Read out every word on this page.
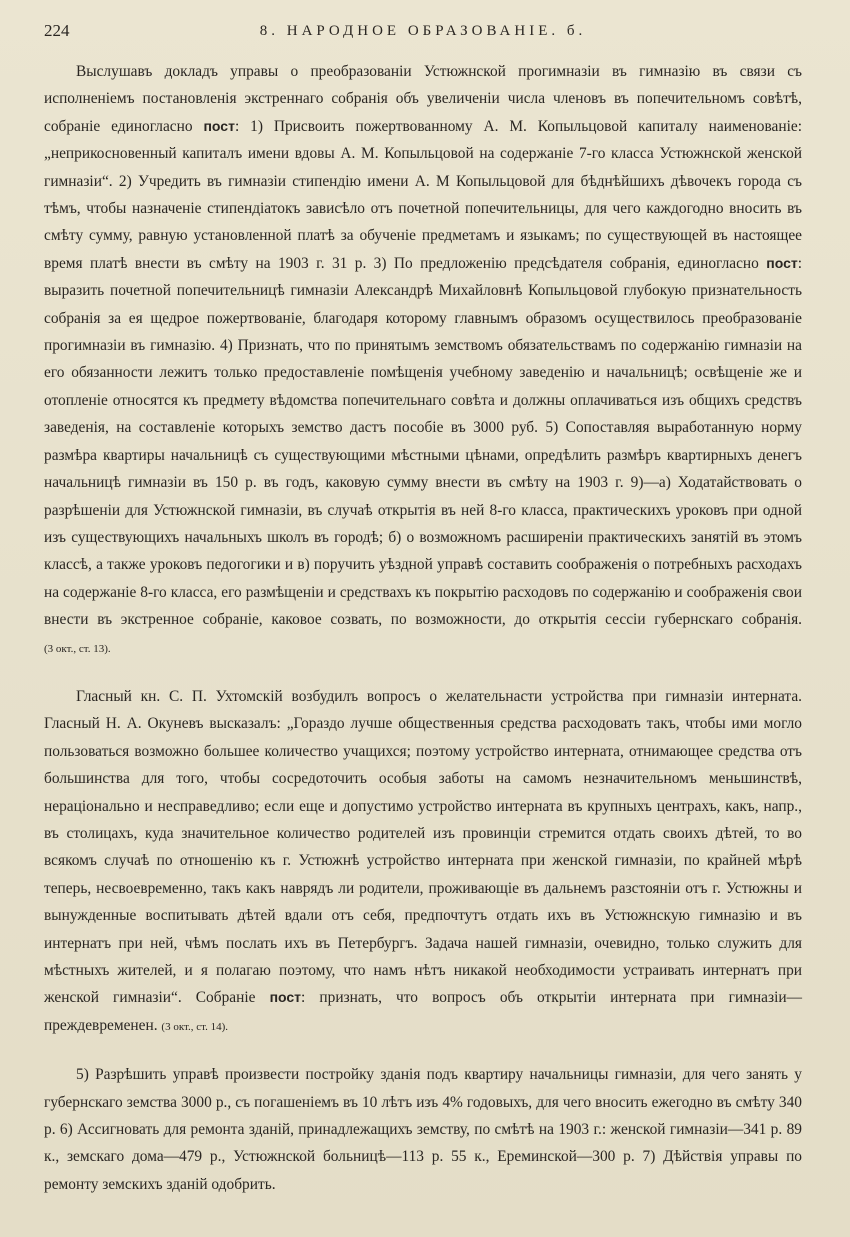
224	8. НАРОДНОЕ ОБРАЗОВАНІЕ. б.

Выслушавъ докладъ управы о преобразованіи Устюжнской прогимназіи въ гимназію въ связи съ исполненіемъ постановленія экстреннаго собранія объ увеличеніи числа членовъ въ попечительномъ совѣтѣ, собраніе единогласно пост: 1) Присвоить пожертвованному А. М. Копыльцовой капиталу наименованіе: „неприкосновенный капиталъ имени вдовы А. М. Копыльцовой на содержаніе 7-го класса Устюжнской женской гимназіи“. 2) Учредить въ гимназіи стипендію имени А. М Копыльцовой для бѣднѣйшихъ дѣвочекъ города съ тѣмъ, чтобы назначеніе стипендіатокъ зависѣло отъ почетной попечительницы, для чего каждогодно вносить въ смѣту сумму, равную установленной платѣ за обученіе предметамъ и языкамъ; по существующей въ настоящее время платѣ внести въ смѣту на 1903 г. 31 р. 3) По предложенію предсѣдателя собранія, единогласно пост: выразить почетной попечительницѣ гимназіи Александрѣ Михайловнѣ Копыльцовой глубокую признательность собранія за ея щедрое пожертвованіе, благодаря которому главнымъ образомъ осуществилось преобразованіе прогимназіи въ гимназію. 4) Признать, что по принятымъ земствомъ обязательствамъ по содержанію гимназіи на его обязанности лежитъ только предоставленіе помѣщенія учебному заведенію и начальницѣ; освѣщеніе же и отопленіе относятся къ предмету вѣдомства попечительнаго совѣта и должны оплачиваться изъ общихъ средствъ заведенія, на составленіе которыхъ земство дастъ пособіе въ 3000 руб. 5) Сопоставляя выработанную норму размѣра квартиры начальницѣ съ существующими мѣстными цѣнами, опредѣлить размѣръ квартирныхъ денегъ начальницѣ гимназіи въ 150 р. въ годъ, каковую сумму внести въ смѣту на 1903 г. 9)—а) Ходатайствовать о разрѣшеніи для Устюжнской гимназіи, въ случаѣ открытія въ ней 8-го класса, практическихъ уроковъ при одной изъ существующихъ начальныхъ школъ въ городѣ; б) о возможномъ расширеніи практическихъ занятій въ этомъ классѣ, а также уроковъ педогогики и в) поручить уѣздной управѣ составить соображенія о потребныхъ расходахъ на содержаніе 8-го класса, его размѣщеніи и средствахъ къ покрытію расходовъ по содержанію и соображенія свои внести въ экстренное собраніе, каковое созвать, по возможности, до открытія сессіи губернскаго собранія. (3 окт., ст. 13).

Гласный кн. С. П. Ухтомскій возбудилъ вопросъ о желательнасти устройства при гимназіи интерната. Гласный Н. А. Окуневъ высказалъ: „Гораздо лучше общественныя средства расходовать такъ, чтобы ими могло пользоваться возможно большее количество учащихся; поэтому устройство интерната, отнимающее средства отъ большинства для того, чтобы сосредоточить особыя заботы на самомъ незначительномъ меньшинствѣ, нераціонально и несправедливо; если еще и допустимо устройство интерната въ крупныхъ центрахъ, какъ, напр., въ столицахъ, куда значительное количество родителей изъ провинціи стремится отдать своихъ дѣтей, то во всякомъ случаѣ по отношенію къ г. Устюжнѣ устройство интерната при женской гимназіи, по крайней мѣрѣ теперь, несвоевременно, такъ какъ наврядъ ли родители, проживающіе въ дальнемъ разстояніи отъ г. Устюжны и вынужденные воспитывать дѣтей вдали отъ себя, предпочтутъ отдать ихъ въ Устюжнскую гимназію и въ интернатъ при ней, чѣмъ послать ихъ въ Петербургъ. Задача нашей гимназіи, очевидно, только служить для мѣстныхъ жителей, и я полагаю поэтому, что намъ нѣтъ никакой необходимости устраивать интернатъ при женской гимназіи“. Собраніе пост: признать, что вопросъ объ открытіи интерната при гимназіи—преждевременен. (3 окт., ст. 14).

5) Разрѣшить управѣ произвести постройку зданія подъ квартиру начальницы гимназіи, для чего занять у губернскаго земства 3000 р., съ погашеніемъ въ 10 лѣтъ изъ 4% годовыхъ, для чего вносить ежегодно въ смѣту 340 р. 6) Ассигновать для ремонта зданій, принадлежащихъ земству, по смѣтѣ на 1903 г.: женской гимназіи—341 р. 89 к., земскаго дома—479 р., Устюжнской больницѣ—113 р. 55 к., Ереминской—300 р. 7) Дѣйствія управы по ремонту земскихъ зданій одобрить.
